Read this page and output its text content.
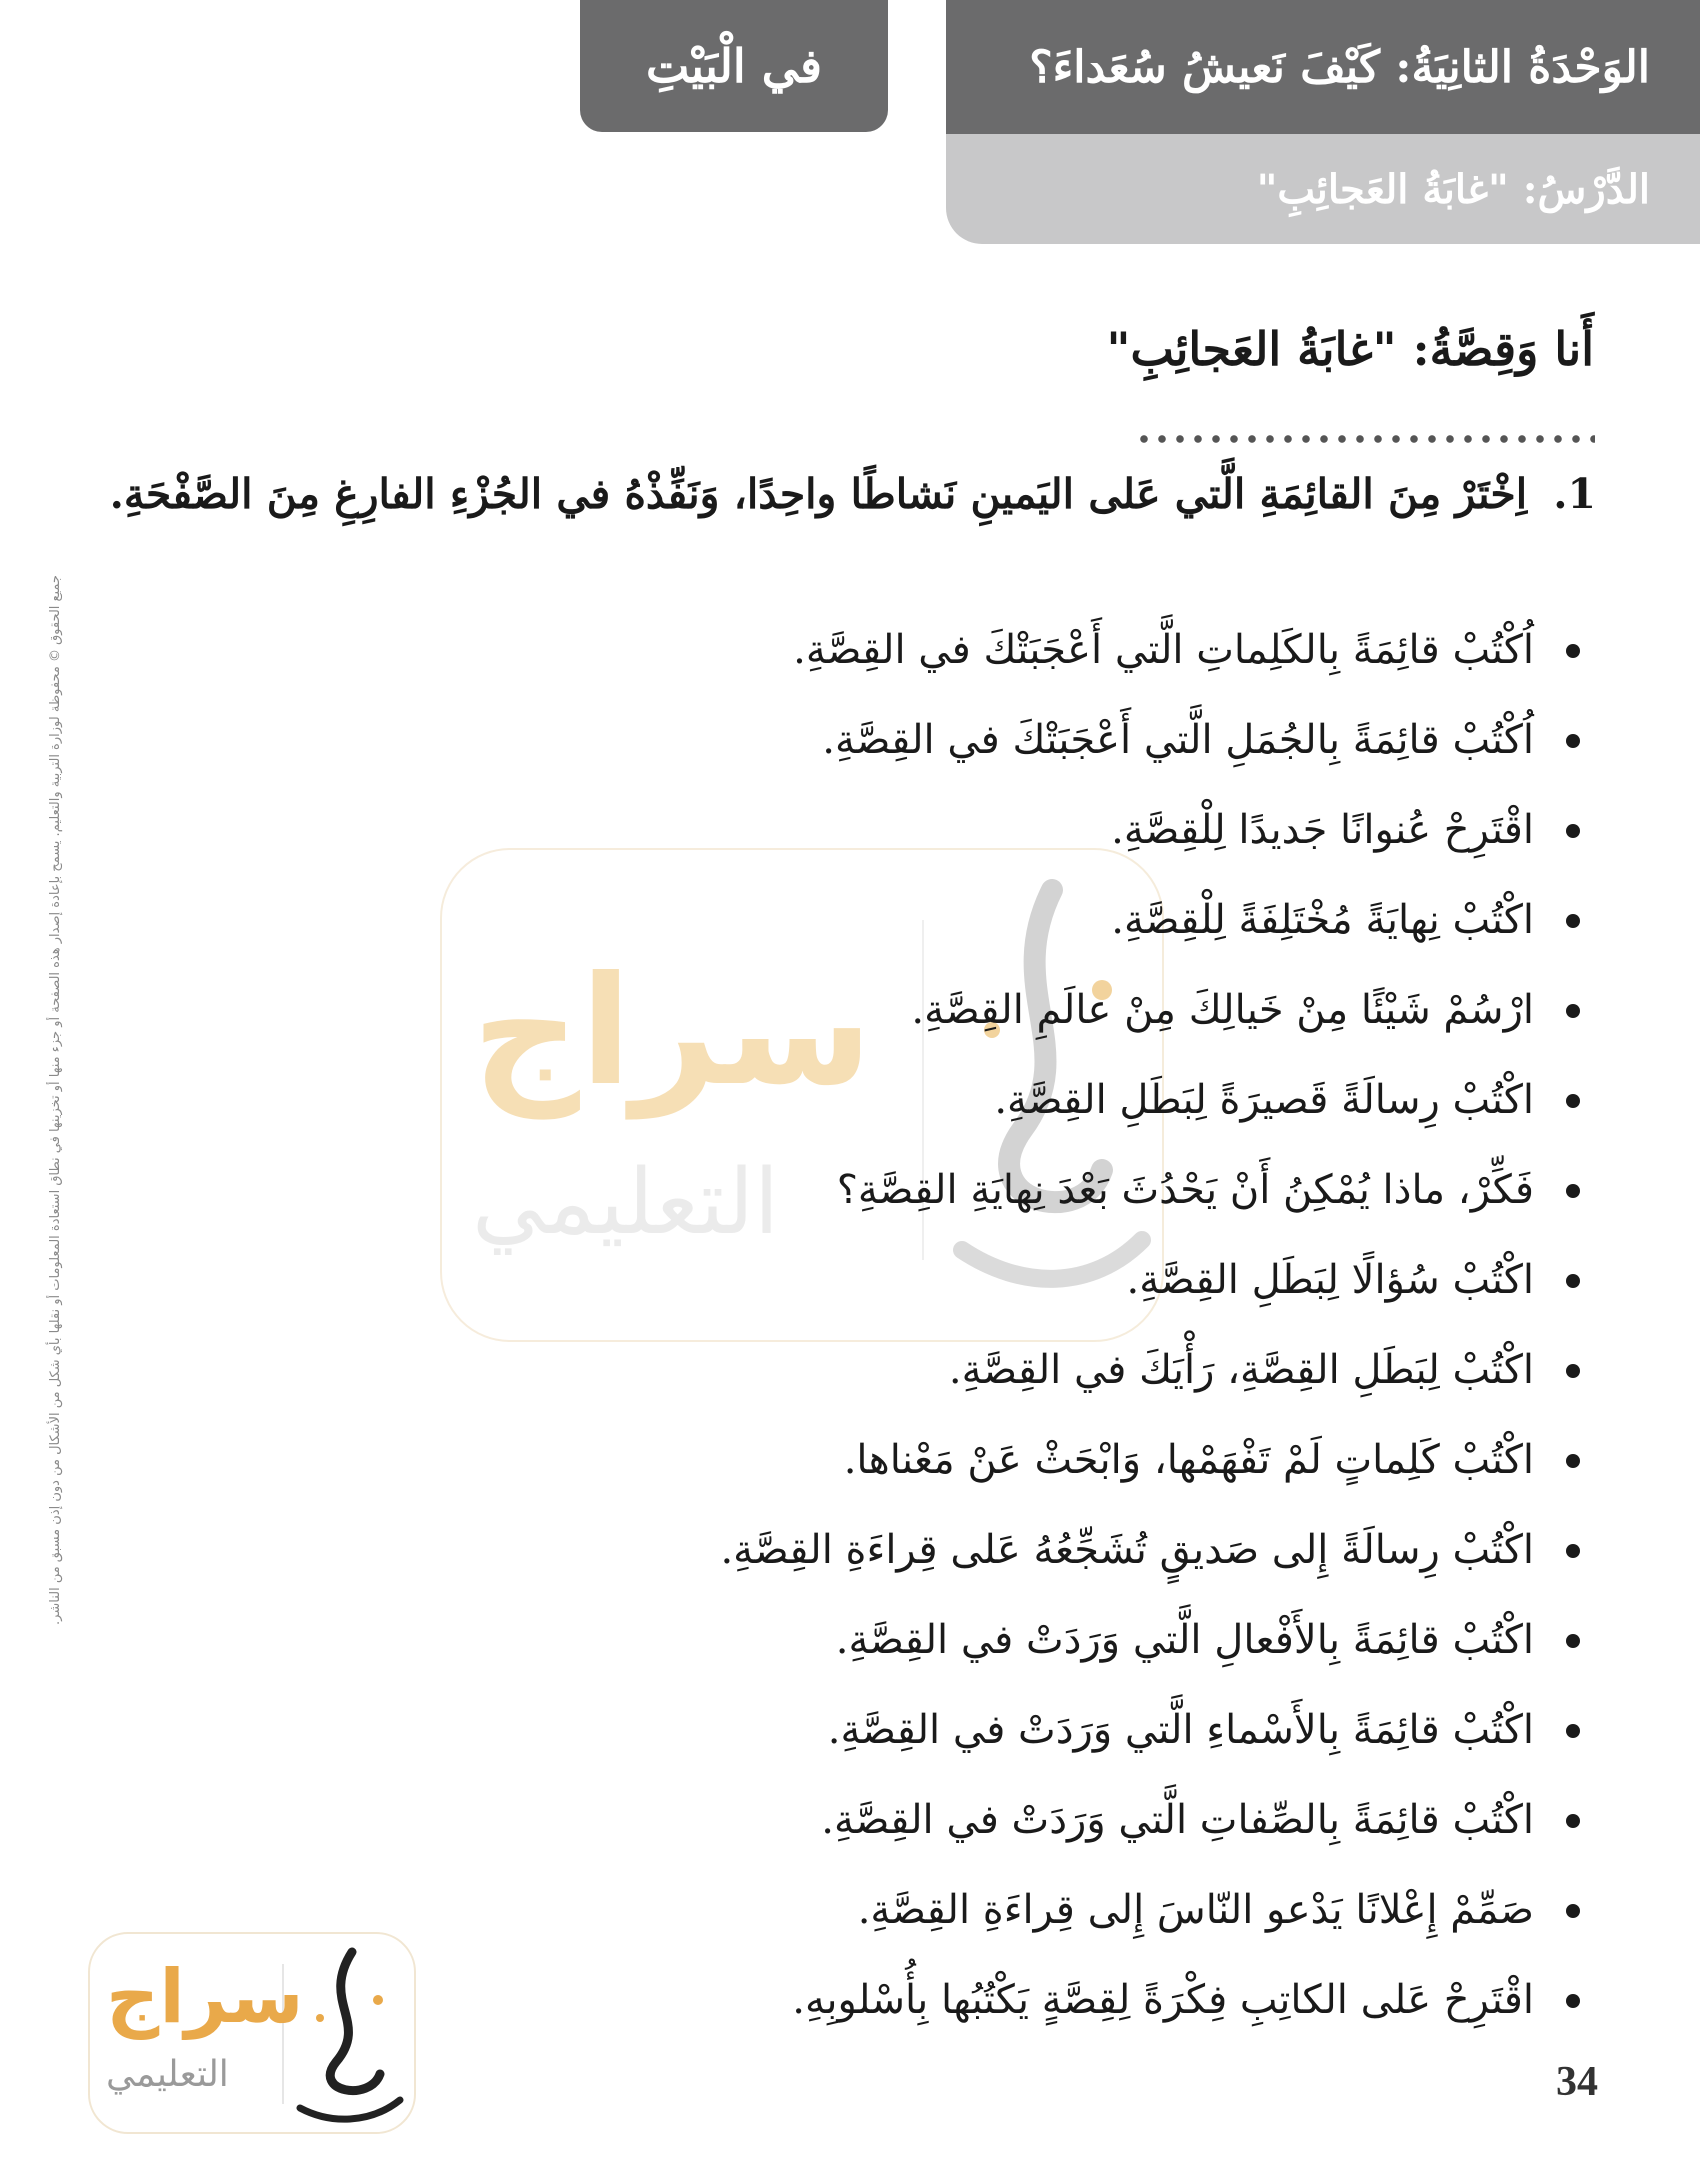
في الْبَيْتِ	الوَحْدَةُ الثانِيَةُ: كَيْفَ نَعيشُ سُعَداءَ؟
الدَّرْسُ: "غابَةُ العَجائِبِ"
سراج
التعليمي
أَنا وَقِصَّةُ: "غابَةُ العَجائِبِ"
1.اِخْتَرْ مِنَ القائِمَةِ الَّتي عَلى اليَمينِ نَشاطًا واحِدًا، وَنَفِّذْهُ في الجُزْءِ الفارِغِ مِنَ الصَّفْحَةِ.
اُكْتُبْ قائِمَةً بِالكَلِماتِ الَّتي أَعْجَبَتْكَ في القِصَّةِ.
اُكْتُبْ قائِمَةً بِالجُمَلِ الَّتي أَعْجَبَتْكَ في القِصَّةِ.
اقْتَرِحْ عُنوانًا جَديدًا لِلْقِصَّةِ.
اكْتُبْ نِهايَةً مُخْتَلِفَةً لِلْقِصَّةِ.
ارْسُمْ شَيْئًا مِنْ خَيالِكَ مِنْ عالَمِ القِصَّةِ.
اكْتُبْ رِسالَةً قَصيرَةً لِبَطَلِ القِصَّةِ.
فَكِّرْ، ماذا يُمْكِنُ أَنْ يَحْدُثَ بَعْدَ نِهايَةِ القِصَّةِ؟
اكْتُبْ سُؤالًا لِبَطَلِ القِصَّةِ.
اكْتُبْ لِبَطَلِ القِصَّةِ، رَأْيَكَ في القِصَّةِ.
اكْتُبْ كَلِماتٍ لَمْ تَفْهَمْها، وَابْحَثْ عَنْ مَعْناها.
اكْتُبْ رِسالَةً إِلى صَديقٍ تُشَجِّعُهُ عَلى قِراءَةِ القِصَّةِ.
اكْتُبْ قائِمَةً بِالأَفْعالِ الَّتي وَرَدَتْ في القِصَّةِ.
اكْتُبْ قائِمَةً بِالأَسْماءِ الَّتي وَرَدَتْ في القِصَّةِ.
اكْتُبْ قائِمَةً بِالصِّفاتِ الَّتي وَرَدَتْ في القِصَّةِ.
صَمِّمْ إِعْلانًا يَدْعو النّاسَ إِلى قِراءَةِ القِصَّةِ.
اقْتَرِحْ عَلى الكاتِبِ فِكْرَةً لِقِصَّةٍ يَكْتُبُها بِأُسْلوبِهِ.
جميع الحقوق © محفوظة لوزارة التربية والتعليم. يسمح بإعادة إصدار هذه الصفحة أو جزء منها أو تخزينها في نطاق استعادة المعلومات أو نقلها بأي شكل من الأشكال من دون إذن مسبق من الناشر.
سراج
التعليمي	34
